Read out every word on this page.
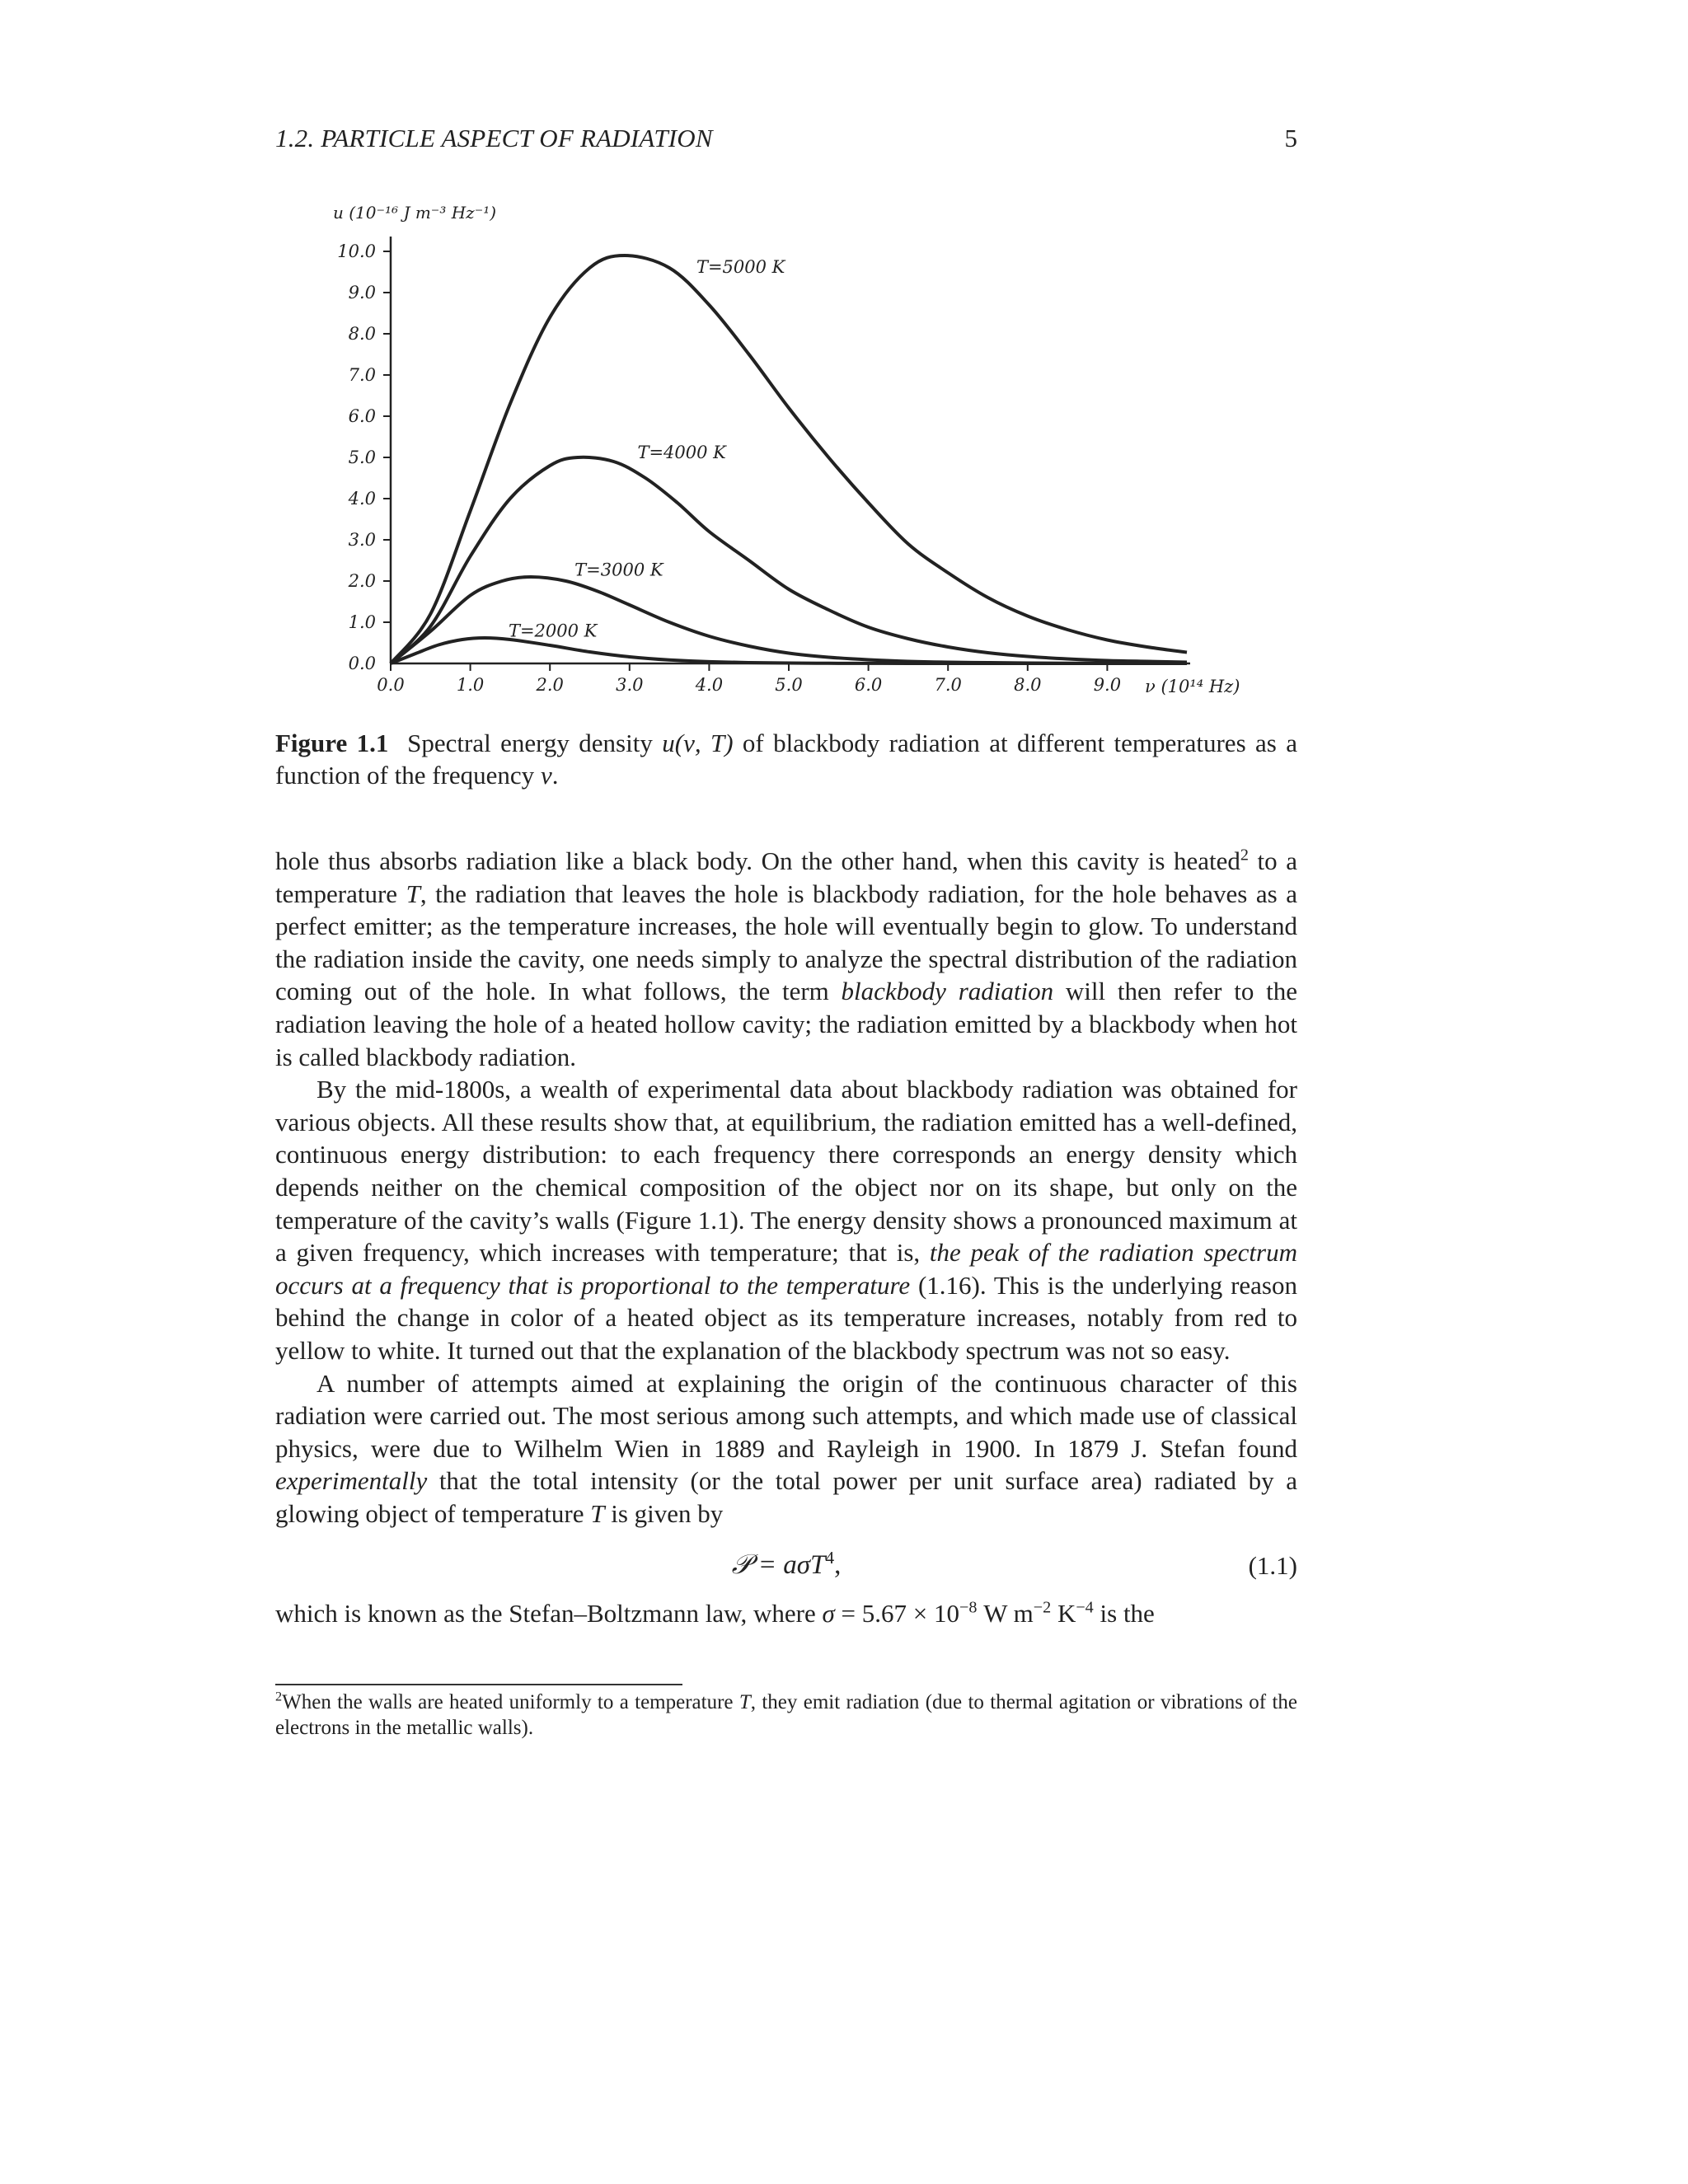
1.2. PARTICLE ASPECT OF RADIATION	5
u (10⁻¹⁶ J m⁻³ Hz⁻¹)
ν (10¹⁴ Hz)
0.0
1.0
2.0
3.0
4.0
5.0
6.0
7.0
8.0
9.0
10.0
0.0	1.0	2.0	3.0	4.0	5.0	6.0	7.0	8.0	9.0
T=5000 K
T=4000 K
T=3000 K
T=2000 K
Figure 1.1 Spectral energy density u(ν, T) of blackbody radiation at different temperatures as a function of the frequency ν.

hole thus absorbs radiation like a black body. On the other hand, when this cavity is heated$^2$ to a temperature T, the radiation that leaves the hole is blackbody radiation, for the hole behaves as a perfect emitter; as the temperature increases, the hole will eventually begin to glow. To understand the radiation inside the cavity, one needs simply to analyze the spectral distribution of the radiation coming out of the hole. In what follows, the term blackbody radiation will then refer to the radiation leaving the hole of a heated hollow cavity; the radiation emitted by a blackbody when hot is called blackbody radiation.

By the mid-1800s, a wealth of experimental data about blackbody radiation was obtained for various objects. All these results show that, at equilibrium, the radiation emitted has a well-defined, continuous energy distribution: to each frequency there corresponds an energy density which depends neither on the chemical composition of the object nor on its shape, but only on the temperature of the cavity’s walls (Figure 1.1). The energy density shows a pronounced maximum at a given frequency, which increases with temperature; that is, the peak of the radiation spectrum occurs at a frequency that is proportional to the temperature (1.16). This is the underlying reason behind the change in color of a heated object as its temperature increases, notably from red to yellow to white. It turned out that the explanation of the blackbody spectrum was not so easy.

A number of attempts aimed at explaining the origin of the continuous character of this radiation were carried out. The most serious among such attempts, and which made use of classical physics, were due to Wilhelm Wien in 1889 and Rayleigh in 1900. In 1879 J. Stefan found experimentally that the total intensity (or the total power per unit surface area) radiated by a glowing object of temperature T is given by

𝒫 = aσT$^4$,	(1.1)

which is known as the Stefan–Boltzmann law, where $\sigma = 5.67 \times 10^{-8}$ W $m^{-2}$ $K^{-4}$ is the

$^2$When the walls are heated uniformly to a temperature T, they emit radiation (due to thermal agitation or vibrations of the electrons in the metallic walls).
